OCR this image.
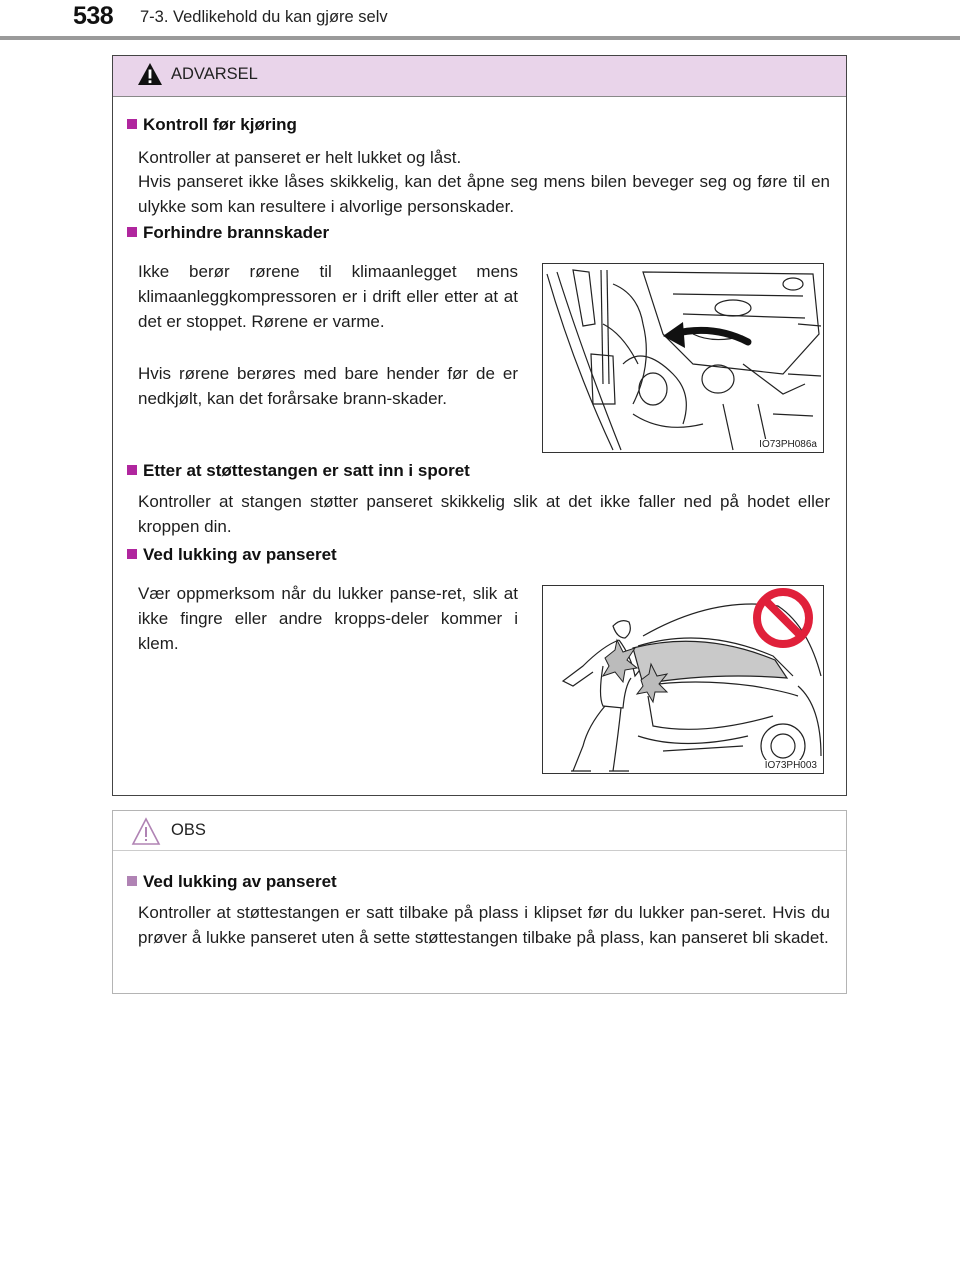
538 7-3. Vedlikehold du kan gjøre selv
ADVARSEL
Kontroll før kjøring
Kontroller at panseret er helt lukket og låst.
Hvis panseret ikke låses skikkelig, kan det åpne seg mens bilen beveger seg og føre til en ulykke som kan resultere i alvorlige personskader.
Forhindre brannskader
Ikke berør rørene til klimaanlegget mens klimaanleggkompressoren er i drift eller etter at at det er stoppet. Rørene er varme.
Hvis rørene berøres med bare hender før de er nedkjølt, kan det forårsake brann-skader.
IO73PH086a
Etter at støttestangen er satt inn i sporet
Kontroller at stangen støtter panseret skikkelig slik at det ikke faller ned på hodet eller kroppen din.
Ved lukking av panseret
Vær oppmerksom når du lukker panse-ret, slik at ikke fingre eller andre kropps-deler kommer i klem.
IO73PH003
OBS
Ved lukking av panseret
Kontroller at støttestangen er satt tilbake på plass i klipset før du lukker pan-seret. Hvis du prøver å lukke panseret uten å sette støttestangen tilbake på plass, kan panseret bli skadet.
